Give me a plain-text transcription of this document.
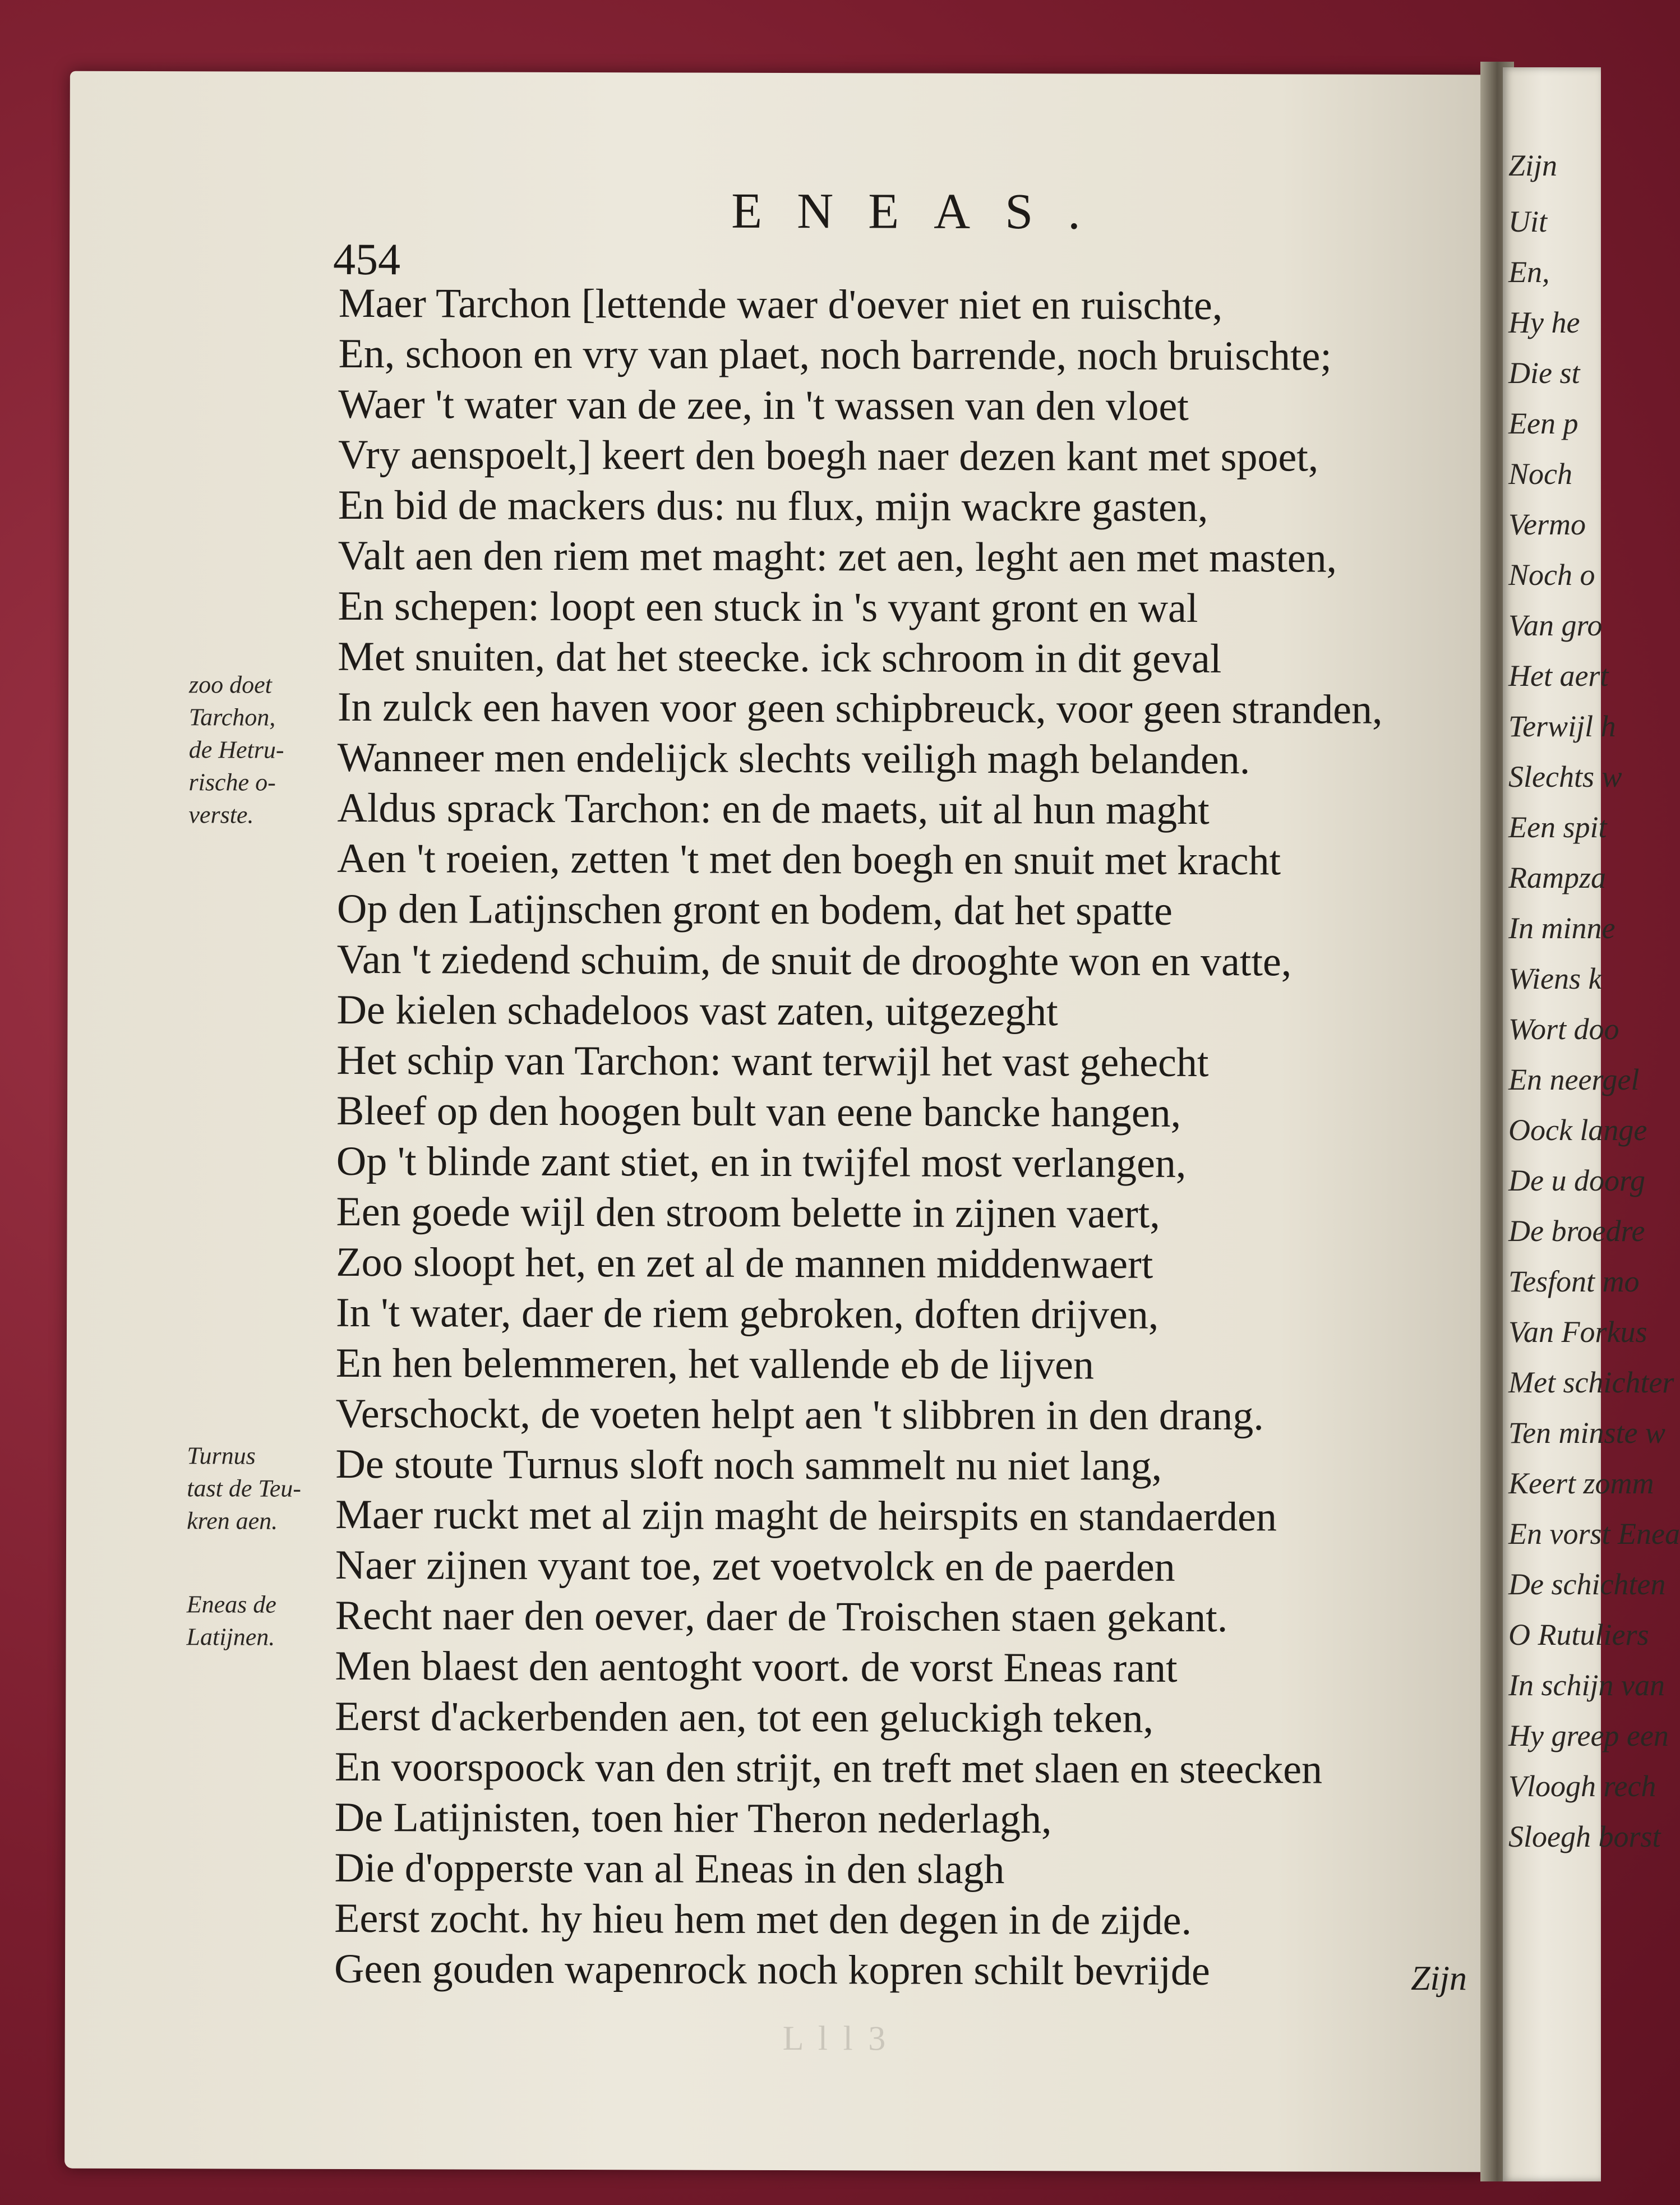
ENEAS.
454
Maer Tarchon [lettende waer d'oever niet en ruischte,
En, schoon en vry van plaet, noch barrende, noch bruischte;
Waer 't water van de zee, in 't wassen van den vloet
Vry aenspoelt,] keert den boegh naer dezen kant met spoet,
En bid de mackers dus: nu flux, mijn wackre gasten,
Valt aen den riem met maght: zet aen, leght aen met masten,
En schepen: loopt een stuck in 's vyant gront en wal
Met snuiten, dat het steecke. ick schroom in dit geval
In zulck een haven voor geen schipbreuck, voor geen stranden,
Wanneer men endelijck slechts veiligh magh belanden.
Aldus sprack Tarchon: en de maets, uit al hun maght
Aen 't roeien, zetten 't met den boegh en snuit met kracht
Op den Latijnschen gront en bodem, dat het spatte
Van 't ziedend schuim, de snuit de drooghte won en vatte,
De kielen schadeloos vast zaten, uitgezeght
Het schip van Tarchon: want terwijl het vast gehecht
Bleef op den hoogen bult van eene bancke hangen,
Op 't blinde zant stiet, en in twijfel most verlangen,
Een goede wijl den stroom belette in zijnen vaert,
Zoo sloopt het, en zet al de mannen middenwaert
In 't water, daer de riem gebroken, doften drijven,
En hen belemmeren, het vallende eb de lijven
Verschockt, de voeten helpt aen 't slibbren in den drang.
De stoute Turnus sloft noch sammelt nu niet lang,
Maer ruckt met al zijn maght de heirspits en standaerden
Naer zijnen vyant toe, zet voetvolck en de paerden
Recht naer den oever, daer de Troischen staen gekant.
Men blaest den aentoght voort. de vorst Eneas rant
Eerst d'ackerbenden aen, tot een geluckigh teken,
En voorspoock van den strijt, en treft met slaen en steecken
De Latijnisten, toen hier Theron nederlagh,
Die d'opperste van al Eneas in den slagh
Eerst zocht. hy hieu hem met den degen in de zijde.
Geen gouden wapenrock noch kopren schilt bevrijde
zoo doet
Tarchon,
de Hetru-
rische o-
verste.
Turnus
tast de Teu-
kren aen.
Eneas de
Latijnen.
Zijn
L l l 3
Zijn
Uit
En,
Hy he
Die st
Een p
Noch
Vermo
Noch o
Van gro
Het aert
Terwijl h
Slechts w
Een spit
Rampza
In minne
Wiens k
Wort doo
En neergel
Oock lange
De u doorg
De broedre
Tesfont mo
Van Forkus
Met schichter
Ten minste w
Keert zomm
En vorst Enea
De schichten
O Rutuliers
In schijn van
Hy greep een
Vloogh rech
Sloegh borst
